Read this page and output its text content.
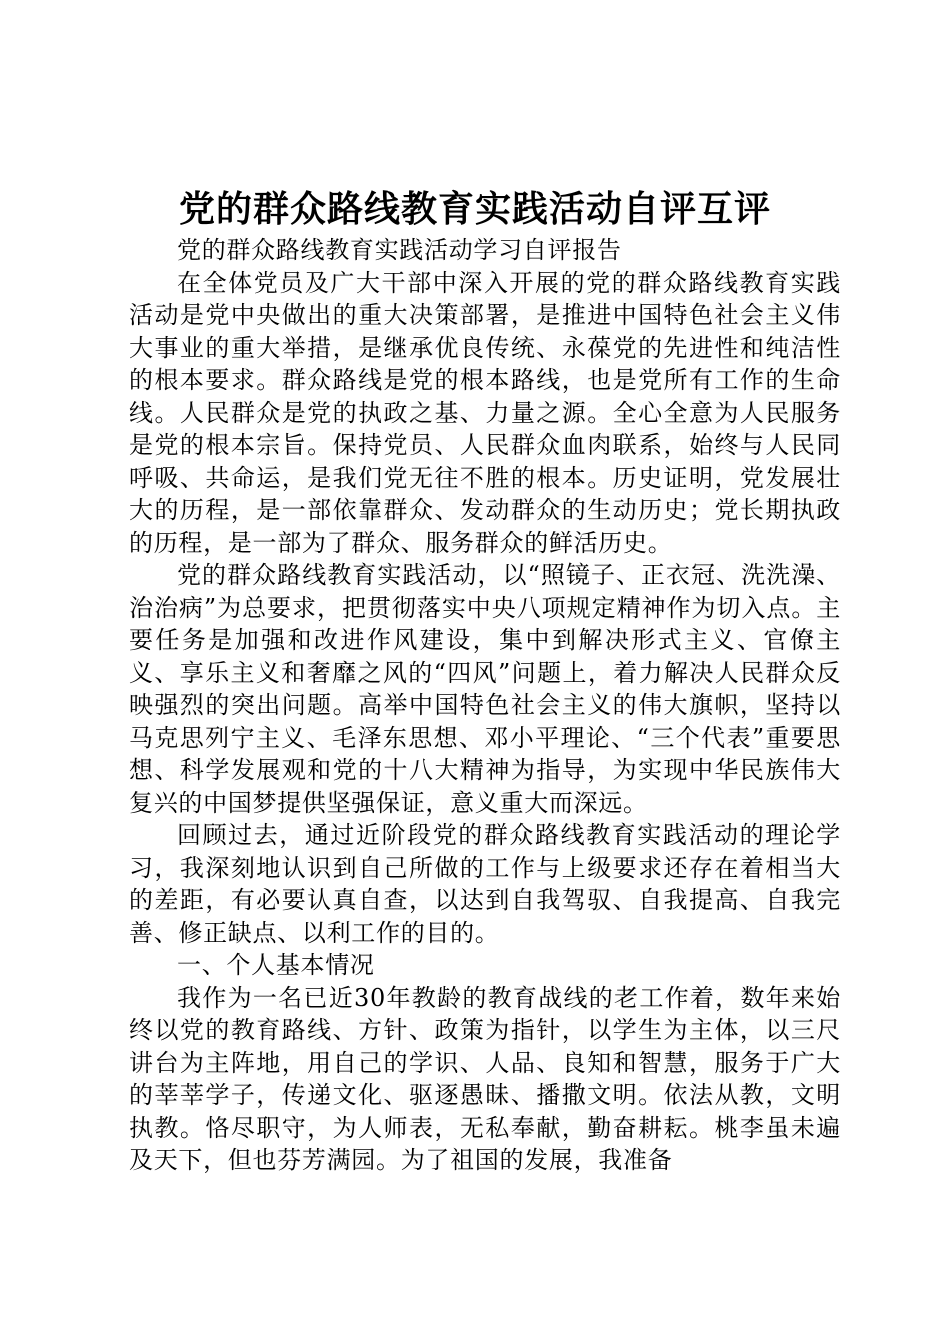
党的群众路线教育实践活动自评互评

党的群众路线教育实践活动学习自评报告

在全体党员及广大干部中深入开展的党的群众路线教育实践活动是党中央做出的重大决策部署，是推进中国特色社会主义伟大事业的重大举措，是继承优良传统、永葆党的先进性和纯洁性的根本要求。群众路线是党的根本路线，也是党所有工作的生命线。人民群众是党的执政之基、力量之源。全心全意为人民服务是党的根本宗旨。保持党员、人民群众血肉联系，始终与人民同呼吸、共命运，是我们党无往不胜的根本。历史证明，党发展壮大的历程，是一部依靠群众、发动群众的生动历史；党长期执政的历程，是一部为了群众、服务群众的鲜活历史。

党的群众路线教育实践活动，以“照镜子、正衣冠、洗洗澡、治治病”为总要求，把贯彻落实中央八项规定精神作为切入点。主要任务是加强和改进作风建设，集中到解决形式主义、官僚主义、享乐主义和奢靡之风的“四风”问题上，着力解决人民群众反映强烈的突出问题。高举中国特色社会主义的伟大旗帜，坚持以马克思列宁主义、毛泽东思想、邓小平理论、“三个代表”重要思想、科学发展观和党的十八大精神为指导，为实现中华民族伟大复兴的中国梦提供坚强保证，意义重大而深远。

回顾过去，通过近阶段党的群众路线教育实践活动的理论学习，我深刻地认识到自己所做的工作与上级要求还存在着相当大的差距，有必要认真自查，以达到自我驾驭、自我提高、自我完善、修正缺点、以利工作的目的。

一、个人基本情况

我作为一名已近30年教龄的教育战线的老工作着，数年来始终以党的教育路线、方针、政策为指针，以学生为主体，以三尺讲台为主阵地，用自己的学识、人品、良知和智慧，服务于广大的莘莘学子，传递文化、驱逐愚昧、播撒文明。依法从教，文明执教。恪尽职守，为人师表，无私奉献，勤奋耕耘。桃李虽未遍及天下，但也芬芳满园。为了祖国的发展，我准备
